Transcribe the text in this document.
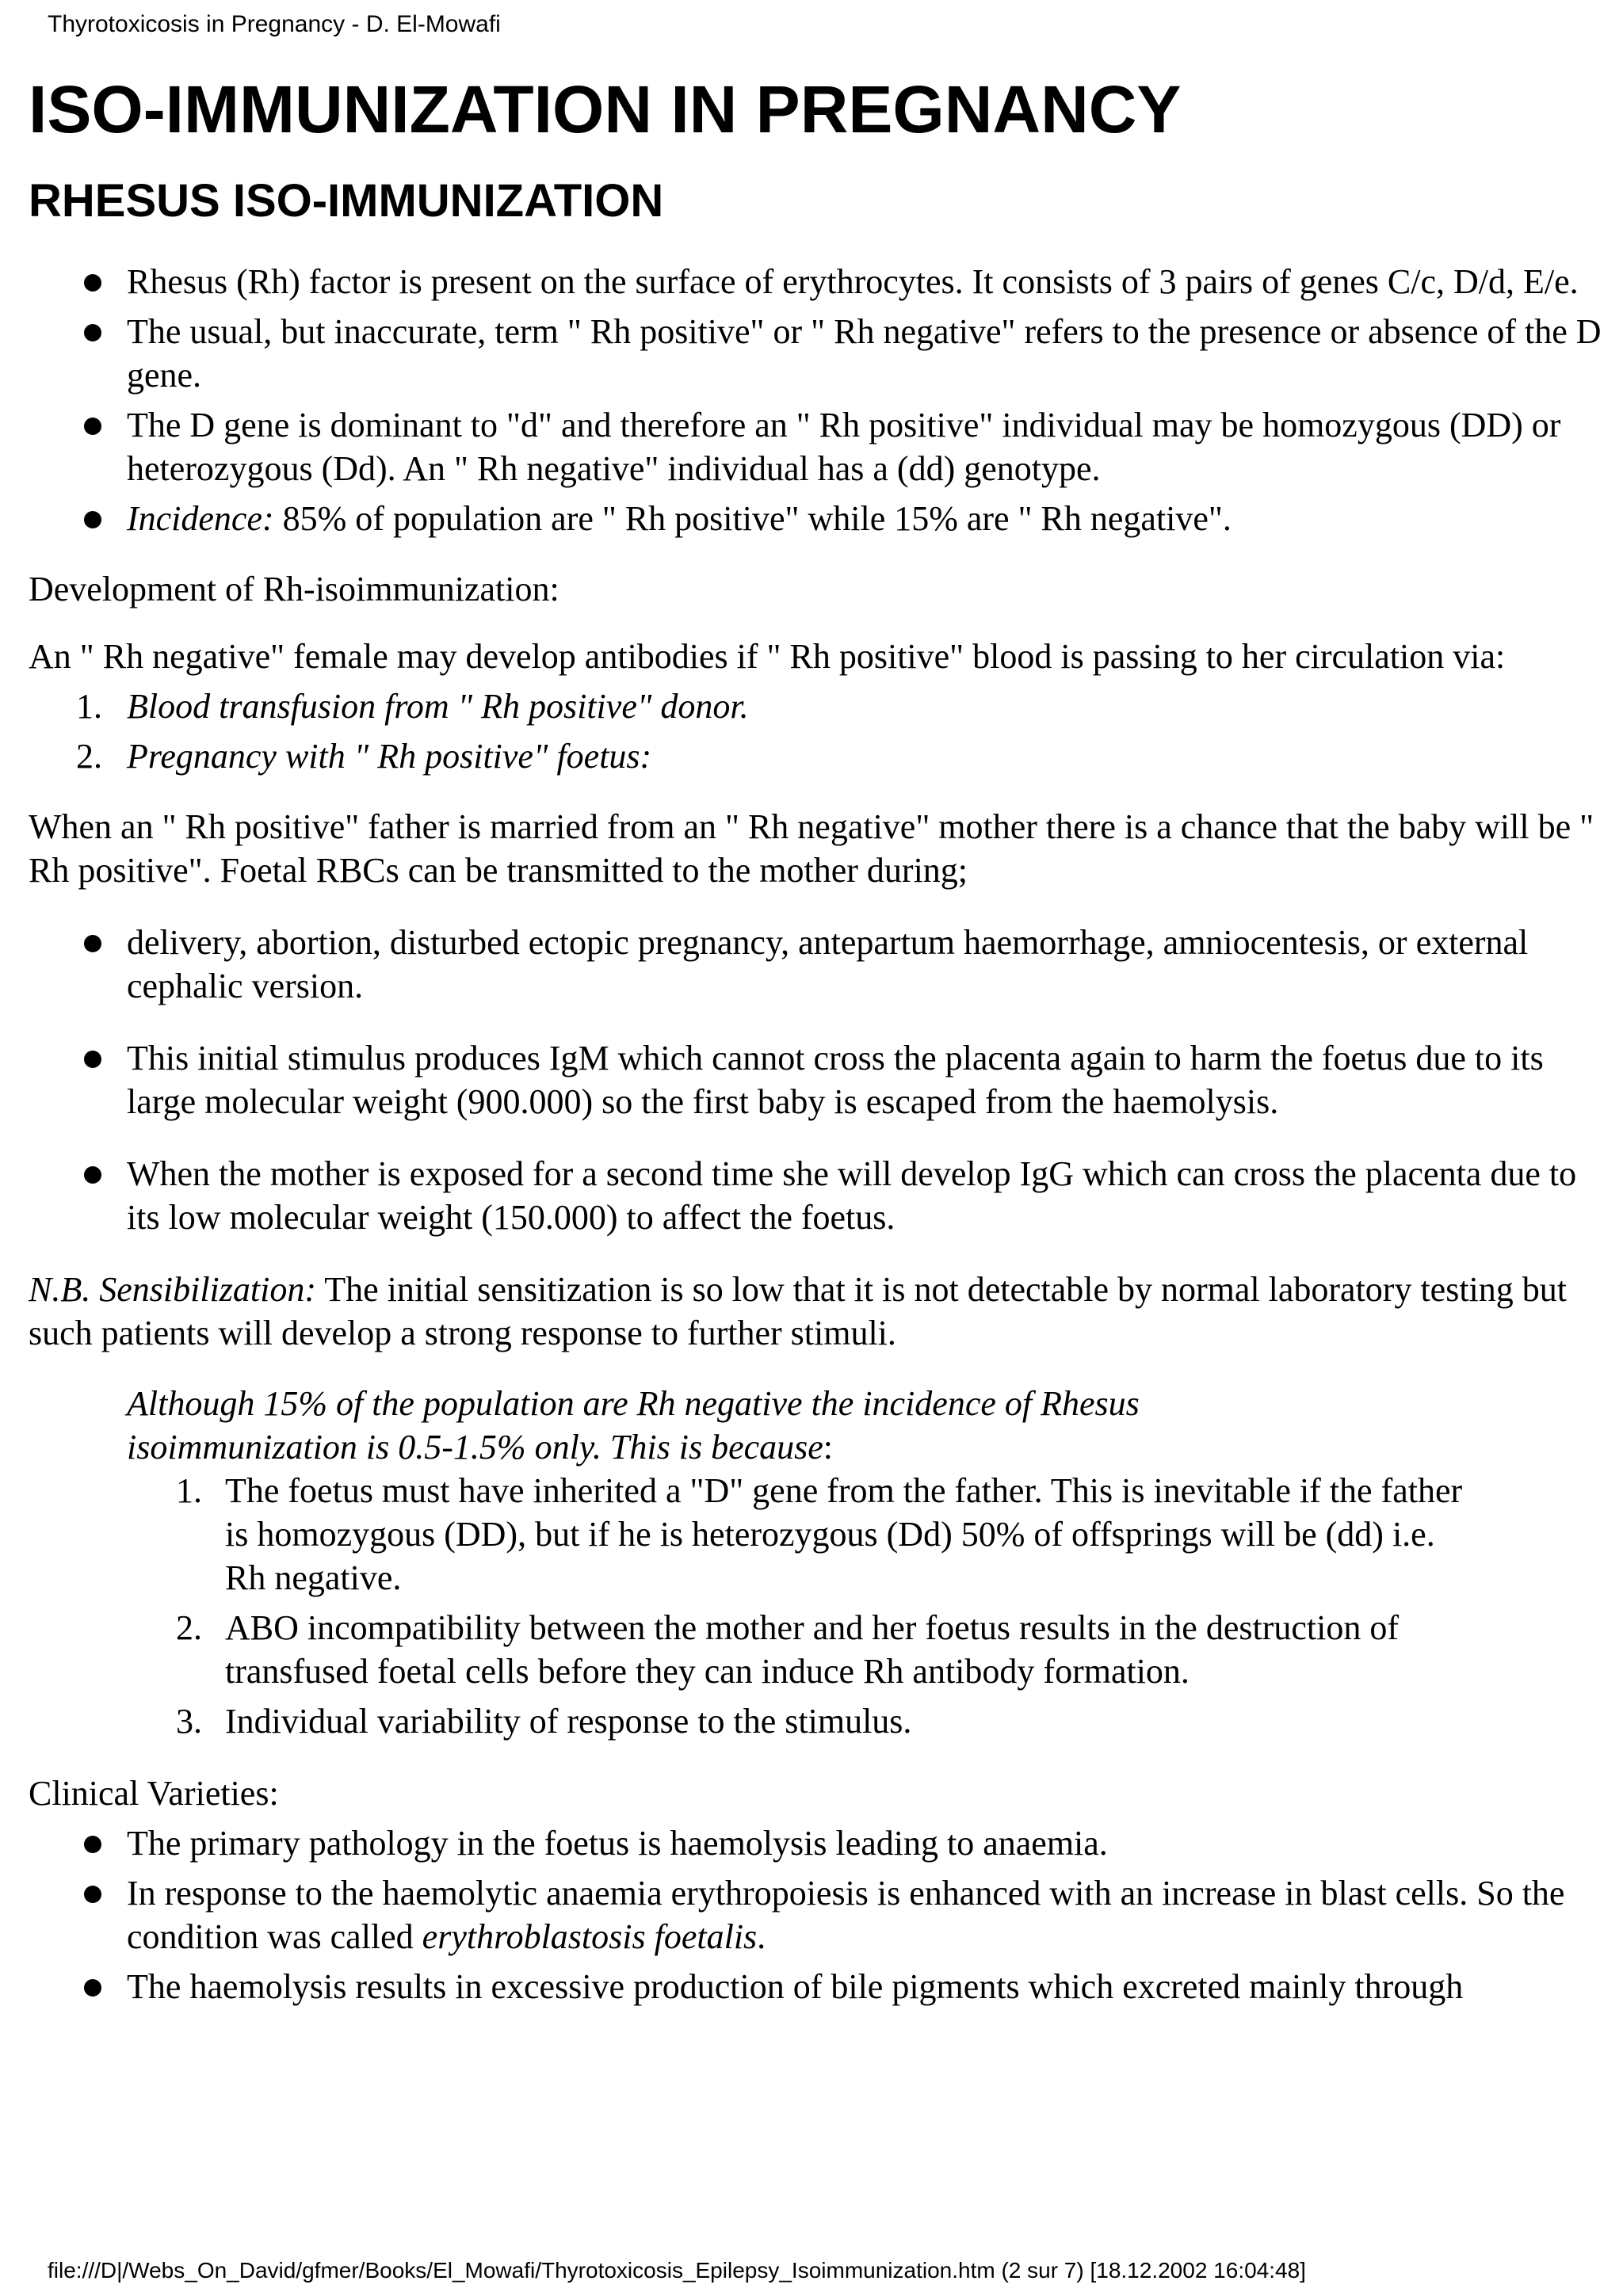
Thyrotoxicosis in Pregnancy - D. El-Mowafi
ISO-IMMUNIZATION IN PREGNANCY
RHESUS ISO-IMMUNIZATION
Rhesus (Rh) factor is present on the surface of erythrocytes. It consists of 3 pairs of genes C/c, D/d, E/e.
The usual, but inaccurate, term " Rh positive" or " Rh negative" refers to the presence or absence of the D gene.
The D gene is dominant to "d" and therefore an " Rh positive" individual may be homozygous (DD) or heterozygous (Dd). An " Rh negative" individual has a (dd) genotype.
Incidence: 85% of population are " Rh positive" while 15% are " Rh negative".

Development of Rh-isoimmunization:

An " Rh negative" female may develop antibodies if " Rh positive" blood is passing to her circulation via:

1. Blood transfusion from " Rh positive" donor.
2. Pregnancy with " Rh positive" foetus:

When an " Rh positive" father is married from an " Rh negative" mother there is a chance that the baby will be " Rh positive". Foetal RBCs can be transmitted to the mother during;

delivery, abortion, disturbed ectopic pregnancy, antepartum haemorrhage, amniocentesis, or external cephalic version.
This initial stimulus produces IgM which cannot cross the placenta again to harm the foetus due to its large molecular weight (900.000) so the first baby is escaped from the haemolysis.
When the mother is exposed for a second time she will develop IgG which can cross the placenta due to its low molecular weight (150.000) to affect the foetus.

N.B. Sensibilization: The initial sensitization is so low that it is not detectable by normal laboratory testing but such patients will develop a strong response to further stimuli.

Although 15% of the population are Rh negative the incidence of Rhesus isoimmunization is 0.5-1.5% only. This is because:
1. The foetus must have inherited a "D" gene from the father. This is inevitable if the father is homozygous (DD), but if he is heterozygous (Dd) 50% of offsprings will be (dd) i.e. Rh negative.
2. ABO incompatibility between the mother and her foetus results in the destruction of transfused foetal cells before they can induce Rh antibody formation.
3. Individual variability of response to the stimulus.

Clinical Varieties:

The primary pathology in the foetus is haemolysis leading to anaemia.
In response to the haemolytic anaemia erythropoiesis is enhanced with an increase in blast cells. So the condition was called erythroblastosis foetalis.
The haemolysis results in excessive production of bile pigments which excreted mainly through
file:///D|/Webs_On_David/gfmer/Books/El_Mowafi/Thyrotoxicosis_Epilepsy_Isoimmunization.htm (2 sur 7) [18.12.2002 16:04:48]
